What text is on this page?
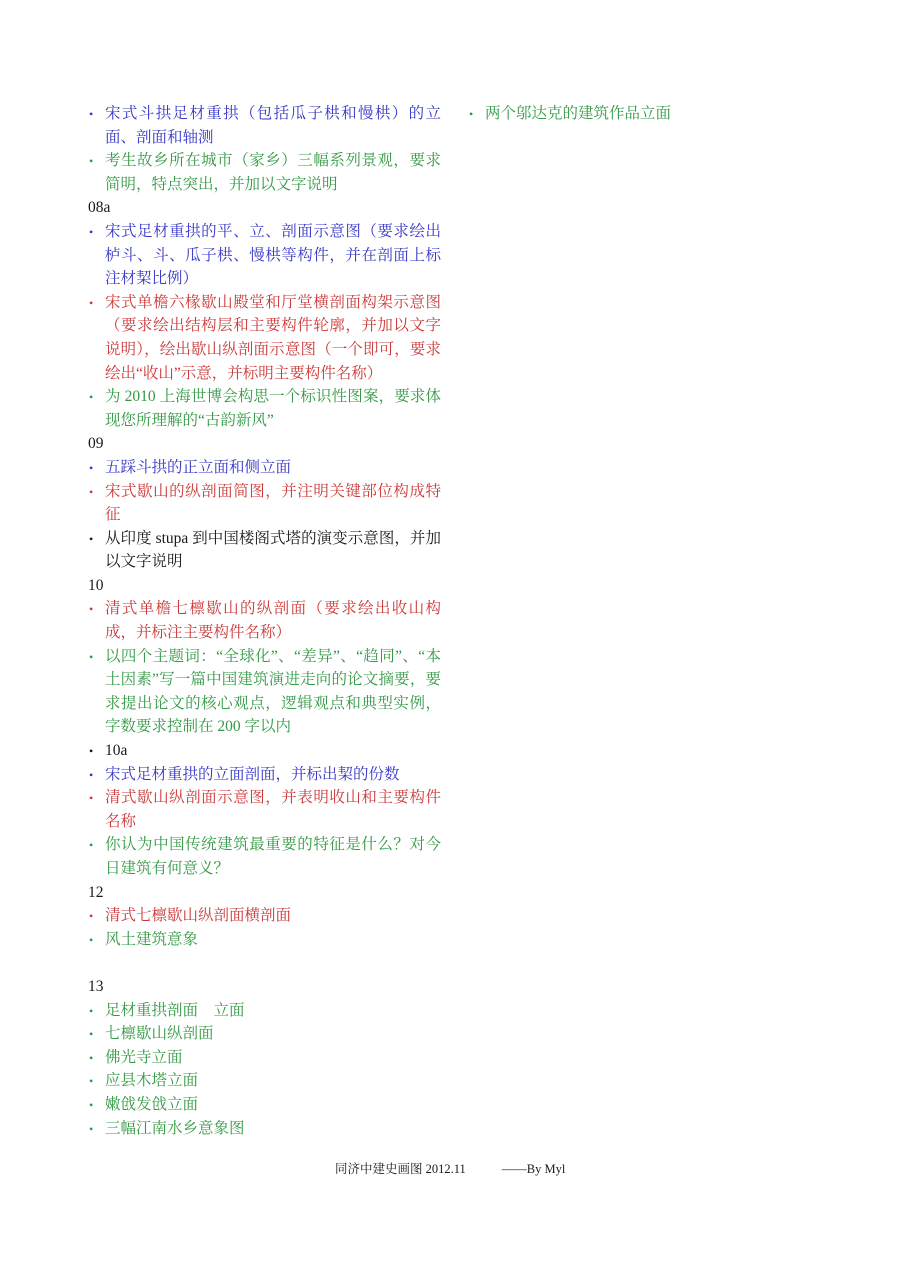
• 宋式斗拱足材重拱（包括瓜子栱和慢栱）的立面、剖面和轴测
• 考生故乡所在城市（家乡）三幅系列景观，要求简明，特点突出，并加以文字说明
08a
• 宋式足材重拱的平、立、剖面示意图（要求绘出栌斗、斗、瓜子栱、慢栱等构件，并在剖面上标注材栔比例）
• 宋式单檐六椽歇山殿堂和厅堂横剖面构架示意图（要求绘出结构层和主要构件轮廓，并加以文字说明），绘出歇山纵剖面示意图（一个即可，要求绘出“收山”示意，并标明主要构件名称）
• 为 2010 上海世博会构思一个标识性图案，要求体现您所理解的“古韵新风”
09
• 五踩斗拱的正立面和侧立面
• 宋式歇山的纵剖面简图，并注明关键部位构成特征
• 从印度 stupa 到中国楼阁式塔的演变示意图，并加以文字说明
10
• 清式单檐七檩歇山的纵剖面（要求绘出收山构成，并标注主要构件名称）
• 以四个主题词：“全球化”、“差异”、“趋同”、“本土因素”写一篇中国建筑演进走向的论文摘要，要求提出论文的核心观点，逻辑观点和典型实例，字数要求控制在 200 字以内
• 10a
• 宋式足材重拱的立面剖面，并标出栔的份数
• 清式歇山纵剖面示意图，并表明收山和主要构件名称
• 你认为中国传统建筑最重要的特征是什么？对今日建筑有何意义？
12
• 清式七檩歇山纵剖面横剖面
• 风土建筑意象
13
• 足材重拱剖面　立面
• 七檩歇山纵剖面
• 佛光寺立面
• 应县木塔立面
• 嫩戗发戗立面
• 三幅江南水乡意象图
• 两个邬达克的建筑作品立面
同济中建史画图 2012.11	——By Myl
